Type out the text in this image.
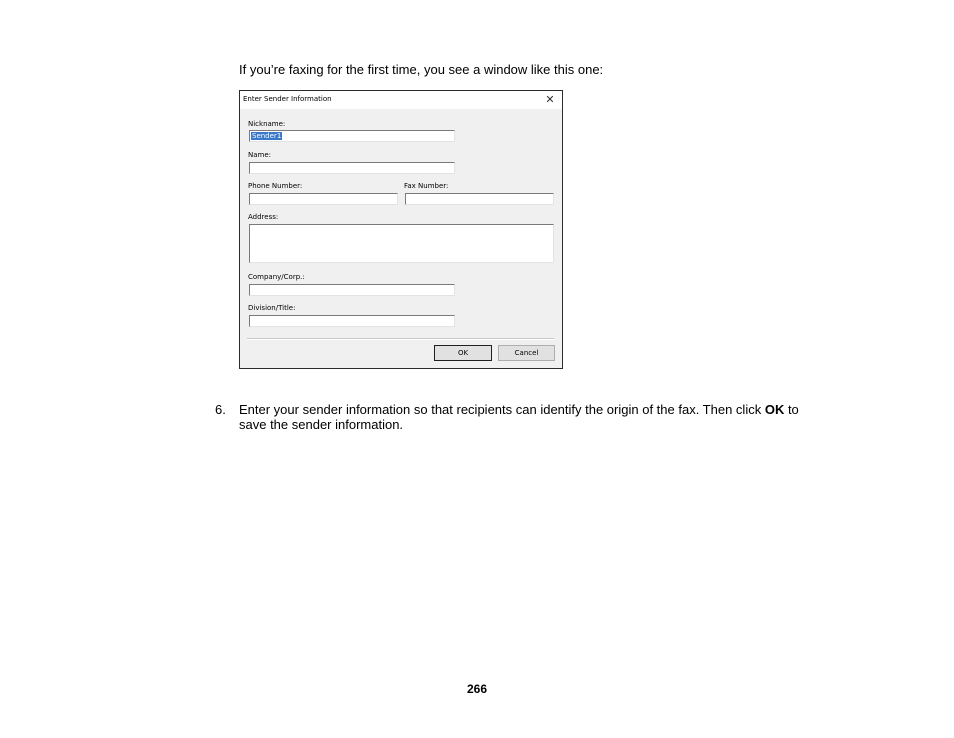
If you’re faxing for the first time, you see a window like this one:
Enter Sender Information	✕
Nickname:
Sender1
Name:
Phone Number:	Fax Number:
Address:
Company/Corp.:
Division/Title:
OK	Cancel
6. Enter your sender information so that recipients can identify the origin of the fax. Then click OK to save the sender information.
266
